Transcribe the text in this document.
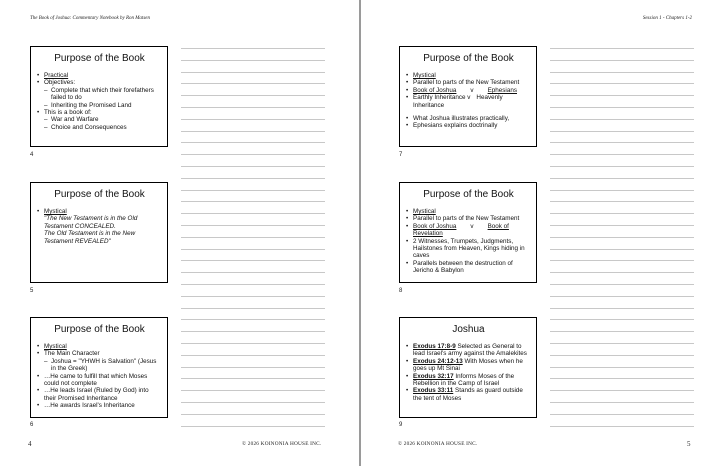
The Book of Joshua: Commentary Notebook by Ron Matsen
Purpose of the Book
• Practical
• Objectives:
– Complete that which their forefathers failed to do
– Inheriting the Promised Land
• This is a book of:
– War and Warfare
– Choice and Consequences
4
Purpose of the Book
• Mystical
"The New Testament is in the Old Testament CONCEALED.
The Old Testament is in the New Testament REVEALED"
5
Purpose of the Book
• Mystical
• The Main Character
– Joshua = "YHWH is Salvation" (Jesus in the Greek)
• …He came to fulfill that which Moses could not complete
• …He leads Israel (Ruled by God) into their Promised Inheritance
• …He awards Israel's Inheritance
6
4	© 2026 KOINONIA HOUSE INC.
Session 1 - Chapters 1-2
Purpose of the Book
• Mystical
• Parallel to parts of the New Testament
• Book of Joshua v Ephesians
• Earthly Inheritance v Heavenly Inheritance
• What Joshua illustrates practically,
• Ephesians explains doctrinally
7
Purpose of the Book
• Mystical
• Parallel to parts of the New Testament
• Book of Joshua v Book of Revelation
• 2 Witnesses, Trumpets, Judgments, Hailstones from Heaven, Kings hiding in caves
• Parallels between the destruction of Jericho & Babylon
8
Joshua
• Exodus 17:8-9 Selected as General to lead Israel's army against the Amalekites
• Exodus 24:12-13 With Moses when he goes up Mt Sinai
• Exodus 32:17 Informs Moses of the Rebellion in the Camp of Israel
• Exodus 33:11 Stands as guard outside the tent of Moses
9
© 2026 KOINONIA HOUSE INC.	5
